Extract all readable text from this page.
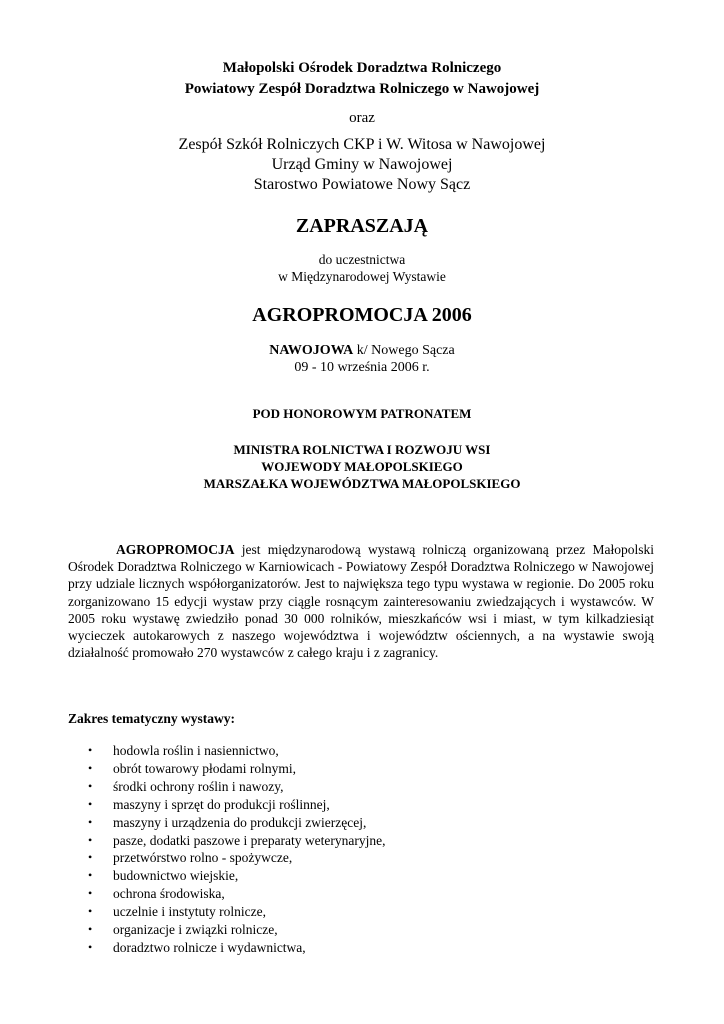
Małopolski Ośrodek Doradztwa Rolniczego
Powiatowy Zespół Doradztwa Rolniczego w Nawojowej
oraz
Zespół Szkół Rolniczych CKP i W. Witosa w Nawojowej
Urząd Gminy w Nawojowej
Starostwo Powiatowe Nowy Sącz
ZAPRASZAJĄ
do uczestnictwa
w Międzynarodowej Wystawie
AGROPROMOCJA 2006
NAWOJOWA k/ Nowego Sącza
09 - 10 września 2006 r.
POD HONOROWYM PATRONATEM
MINISTRA ROLNICTWA I ROZWOJU WSI
WOJEWODY MAŁOPOLSKIEGO
MARSZAŁKA WOJEWÓDZTWA MAŁOPOLSKIEGO
AGROPROMOCJA jest międzynarodową wystawą rolniczą organizowaną przez Małopolski Ośrodek Doradztwa Rolniczego w Karniowicach - Powiatowy Zespół Doradztwa Rolniczego w Nawojowej przy udziale licznych współorganizatorów. Jest to największa tego typu wystawa w regionie. Do 2005 roku zorganizowano 15 edycji wystaw przy ciągle rosnącym zainteresowaniu zwiedzających i wystawców. W 2005 roku wystawę zwiedziło ponad 30 000 rolników, mieszkańców wsi i miast, w tym kilkadziesiąt wycieczek autokarowych z naszego województwa i województw ościennych, a na wystawie swoją działalność promowało 270 wystawców z całego kraju i z zagranicy.
Zakres tematyczny wystawy:
• hodowla roślin i nasiennictwo,
• obrót towarowy płodami rolnymi,
• środki ochrony roślin i nawozy,
• maszyny i sprzęt do produkcji roślinnej,
• maszyny i urządzenia do produkcji zwierzęcej,
• pasze, dodatki paszowe i preparaty weterynaryjne,
• przetwórstwo rolno - spożywcze,
• budownictwo wiejskie,
• ochrona środowiska,
• uczelnie i instytuty rolnicze,
• organizacje i związki rolnicze,
• doradztwo rolnicze i wydawnictwa,
